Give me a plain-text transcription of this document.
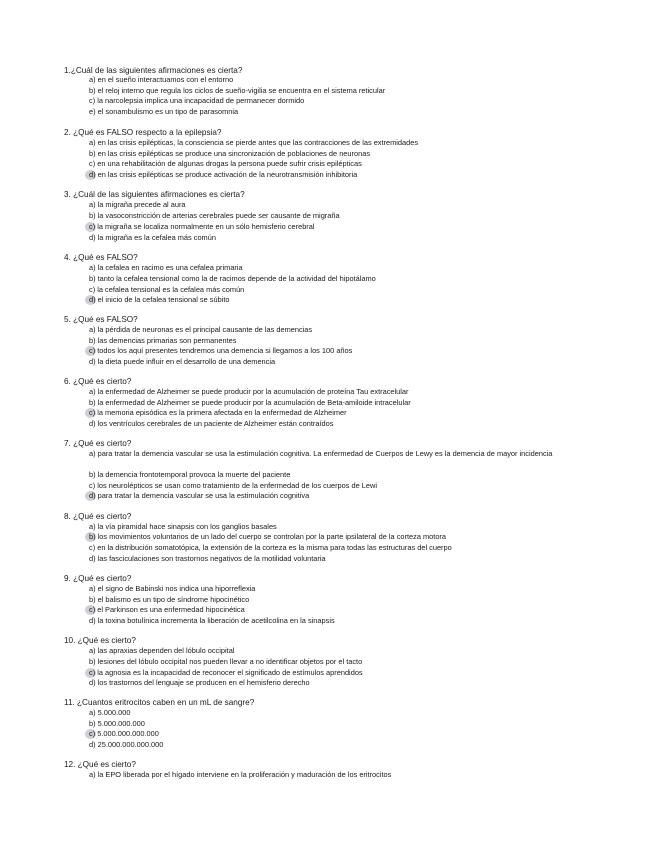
1.¿Cuál de las siguientes afirmaciones es cierta?
a) en el sueño interactuamos con el entorno
b) el reloj interno que regula los ciclos de sueño-vigilia se encuentra en el sistema reticular
c) la narcolepsia implica una incapacidad de permanecer dormido
e) el sonambulismo es un tipo de parasomnia
2. ¿Qué es FALSO respecto a la epilepsia?
a) en las crisis epilépticas, la consciencia se pierde antes que las contracciones de las extremidades
b) en las crisis epilépticas se produce una sincronización de poblaciones de neuronas
c) en una rehabilitación de algunas drogas la persona puede sufrir crisis epilépticas
d) en las crisis epilépticas se produce activación de la neurotransmisión inhibitoria
3. ¿Cuál de las siguientes afirmaciones es cierta?
a) la migraña precede al aura
b) la vasoconstricción de arterias cerebrales puede ser causante de migraña
c) la migraña se localiza normalmente en un sólo hemisferio cerebral
d) la migraña es la cefalea más común
4. ¿Qué es FALSO?
a) la cefalea en racimo es una cefalea primaria
b) tanto la cefalea tensional como la de racimos depende de la actividad del hipotálamo
c) la cefalea tensional es la cefalea más común
d) el inicio de la cefalea tensional se súbito
5. ¿Qué es FALSO?
a) la pérdida de neuronas es el principal causante de las demencias
b) las demencias primarias son permanentes
c) todos los aquí presentes tendremos una demencia si llegamos a los 100 años
d) la dieta puede influir en el desarrollo de una demencia
6. ¿Qué es cierto?
a) la enfermedad de Alzheimer se puede producir por la acumulación de proteína Tau extracelular
b) la enfermedad de Alzheimer se puede producir por la acumulación de Beta-amiloide intracelular
c) la memoria episódica es la primera afectada en la enfermedad de Alzheimer
d) los ventrículos cerebrales de un paciente de Alzheimer están contraídos
7. ¿Qué es cierto?
a) para tratar la demencia vascular se usa la estimulación cognitiva. La enfermedad de Cuerpos de Lewy es la demencia de mayor incidencia
b) la demencia frontotemporal provoca la muerte del paciente
c) los neurolépticos se usan como tratamiento de la enfermedad de los cuerpos de Lewi
d) para tratar la demencia vascular se usa la estimulación cognitiva
8. ¿Qué es cierto?
a) la vía piramidal hace sinapsis con los ganglios basales
b) los movimientos voluntarios de un lado del cuerpo se controlan por la parte ipsilateral de la corteza motora
c) en la distribución somatotópica, la extensión de la corteza es la misma para todas las estructuras del cuerpo
d) las fasciculaciones son trastornos negativos de la motilidad voluntaria
9. ¿Qué es cierto?
a) el signo de Babinski nos indica una hiporreflexia
b) el balismo es un tipo de síndrome hipocinético
c) el Parkinson es una enfermedad hipocinética
d) la toxina botulínica incrementa la liberación de acetilcolina en la sinapsis
10. ¿Qué es cierto?
a) las apraxias dependen del lóbulo occipital
b) lesiones del lóbulo occipital nos pueden llevar a no identificar objetos por el tacto
c) la agnosia es la incapacidad de reconocer el significado de estímulos aprendidos
d) los trastornos del lenguaje se producen en el hemisferio derecho
11. ¿Cuantos eritrocitos caben en un mL de sangre?
a) 5.000.000
b) 5.000.000.000
c) 5.000.000.000.000
d) 25.000.000.000.000
12. ¿Qué es cierto?
a) la EPO liberada por el hígado interviene en la proliferación y maduración de los eritrocitos
